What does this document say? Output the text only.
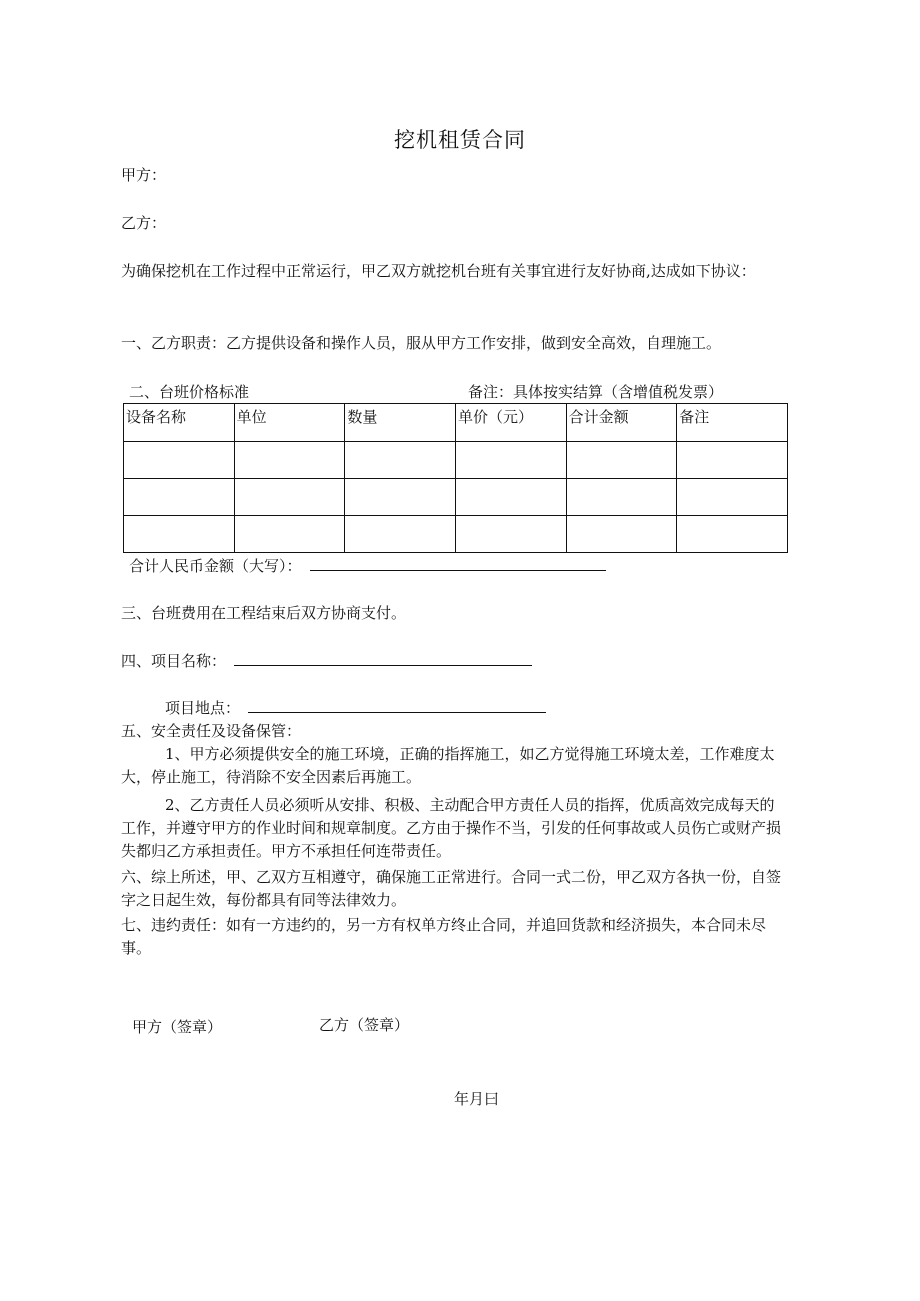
挖机租赁合同
甲方：
乙方：
为确保挖机在工作过程中正常运行，甲乙双方就挖机台班有关事宜进行友好协商,达成如下协议：
一、乙方职责：乙方提供设备和操作人员，服从甲方工作安排，做到安全高效，自理施工。
二、台班价格标准	备注：具体按实结算（含增值税发票）
设备名称	单位	数量	单价（元）	合计金额	备注

合计人民币金额（大写）：
三、台班费用在工程结束后双方协商支付。
四、项目名称：
项目地点：
五、安全责任及设备保管：
1、甲方必须提供安全的施工环境，正确的指挥施工，如乙方觉得施工环境太差，工作难度太大，停止施工，待消除不安全因素后再施工。
2、乙方责任人员必须听从安排、积极、主动配合甲方责任人员的指挥，优质高效完成每天的工作，并遵守甲方的作业时间和规章制度。乙方由于操作不当，引发的任何事故或人员伤亡或财产损失都归乙方承担责任。甲方不承担任何连带责任。
六、综上所述，甲、乙双方互相遵守，确保施工正常进行。合同一式二份，甲乙双方各执一份，自签字之日起生效，每份都具有同等法律效力。
七、违约责任：如有一方违约的，另一方有权单方终止合同，并追回货款和经济损失，本合同未尽事。
甲方（签章）	乙方（签章）
年月曰
